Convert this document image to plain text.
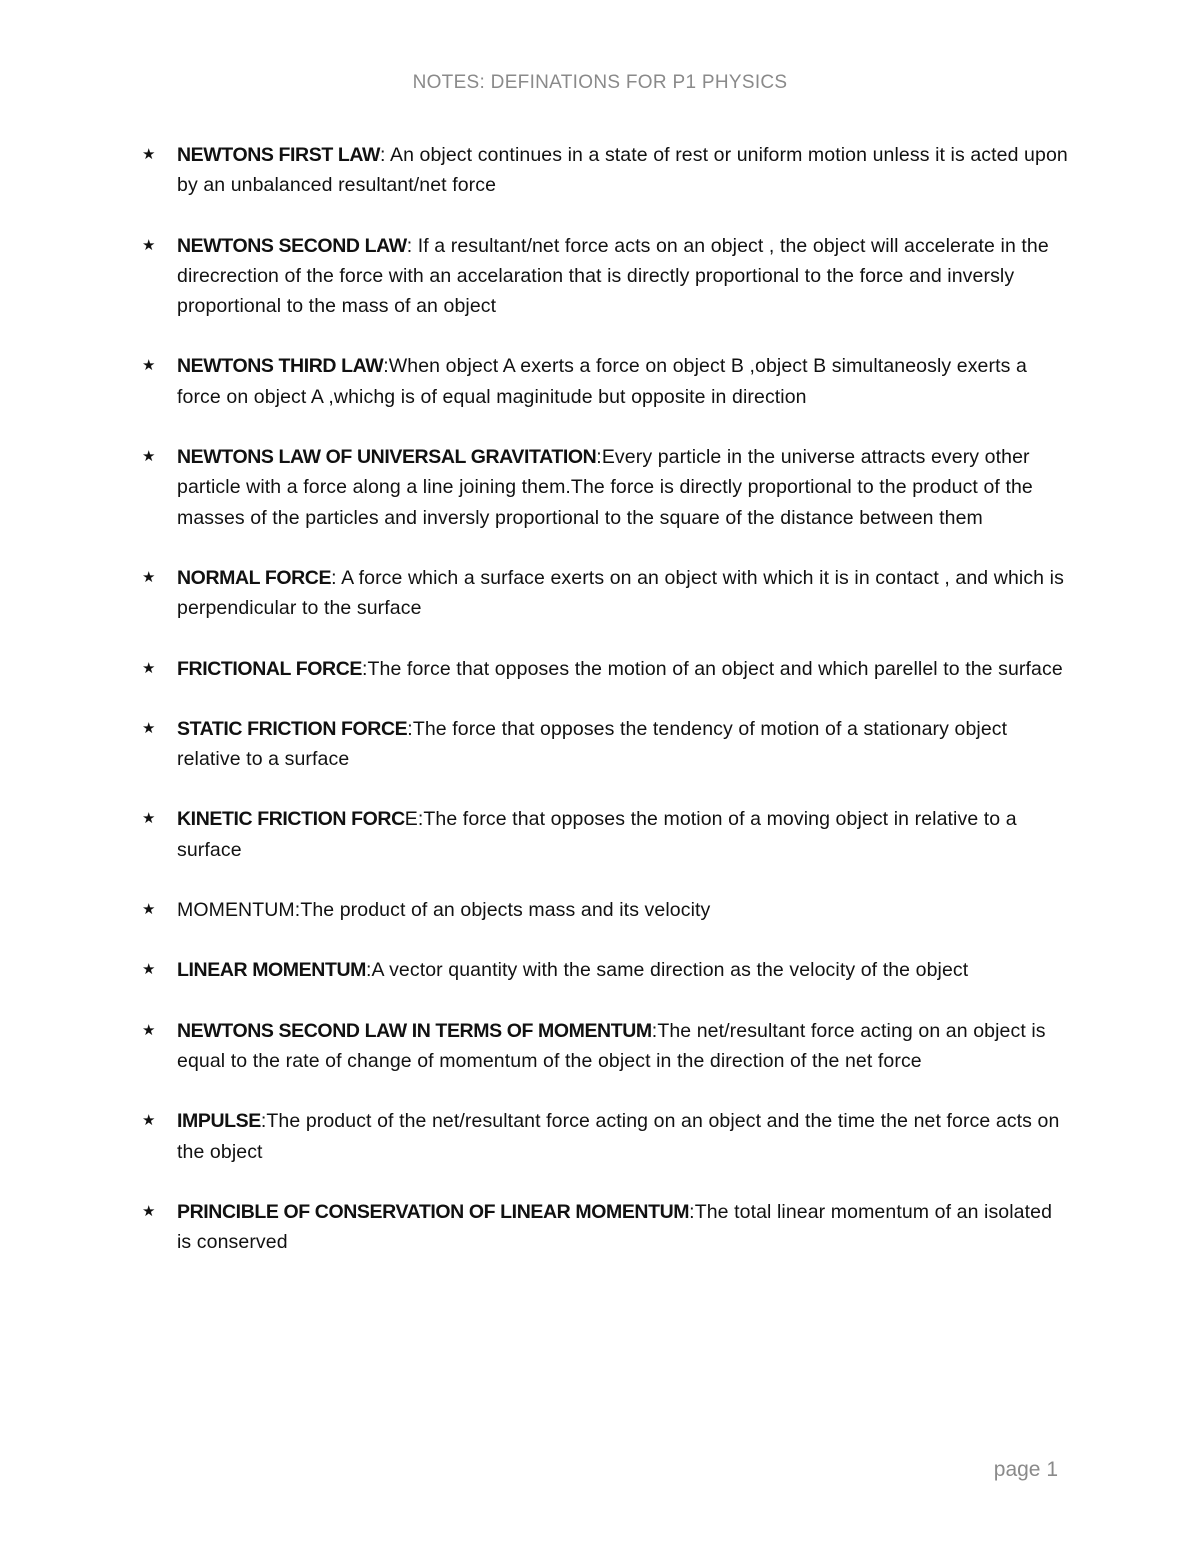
NOTES: DEFINATIONS FOR P1 PHYSICS
★ NEWTONS FIRST LAW: An object continues in a state of rest or uniform motion unless it is acted upon by an unbalanced resultant/net force
★ NEWTONS SECOND LAW: If a resultant/net force acts on an object , the object will accelerate in the direcrection of the force with an accelaration that is directly proportional to the force and inversly proportional to the mass of an object
★ NEWTONS THIRD LAW:When object A exerts a force on object B ,object B simultaneosly exerts a force on object A ,whichg is of equal maginitude but opposite in direction
★ NEWTONS LAW OF UNIVERSAL GRAVITATION:Every particle in the universe attracts every other particle with a force along a line joining them.The force is directly proportional to the product of the masses of the particles and inversly proportional to the square of the distance between them
★ NORMAL FORCE: A force which a surface exerts on an object with which it is in contact , and which is perpendicular to the surface
★ FRICTIONAL FORCE:The force that opposes the motion of an object and which parellel to the surface
★ STATIC FRICTION FORCE:The force that opposes the tendency of motion of a stationary object relative to a surface
★ KINETIC FRICTION FORCE:The force that opposes the motion of a moving object in relative to a surface
★ MOMENTUM:The product of an objects mass and its velocity
★ LINEAR MOMENTUM:A vector quantity with the same direction as the velocity of the object
★ NEWTONS SECOND LAW IN TERMS OF MOMENTUM:The net/resultant force acting on an object is equal to the rate of change of momentum of the object in the direction of the net force
★ IMPULSE:The product of the net/resultant force acting on an object and the time the net force acts on the object
★ PRINCIBLE OF CONSERVATION OF LINEAR MOMENTUM:The total linear momentum of an isolated is conserved
page 1
